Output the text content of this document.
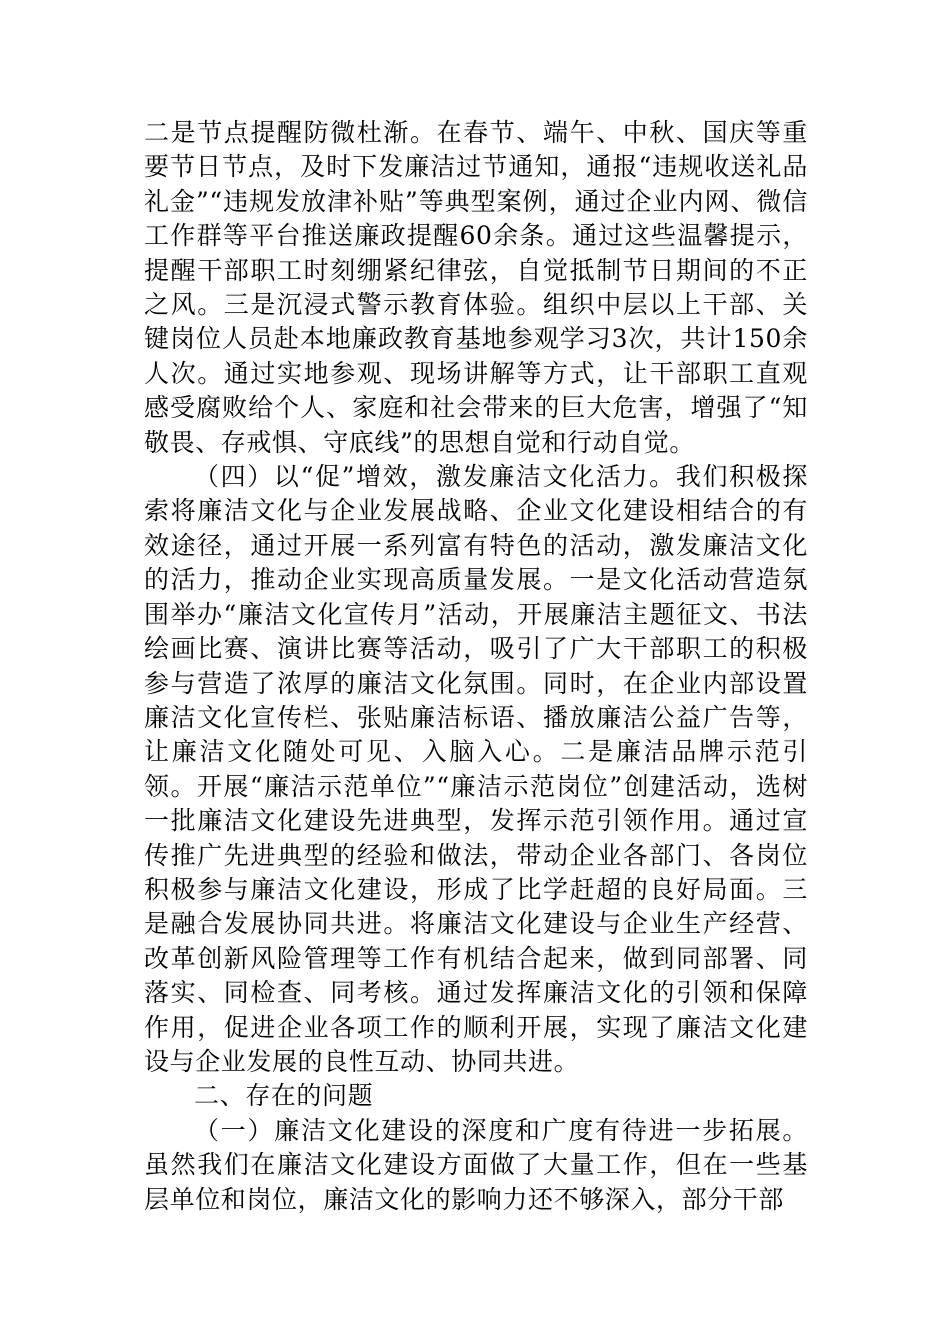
二是节点提醒防微杜渐。在春节、端午、中秋、国庆等重要节日节点，及时下发廉洁过节通知，通报“违规收送礼品礼金”“违规发放津补贴”等典型案例，通过企业内网、微信工作群等平台推送廉政提醒60余条。通过这些温馨提示，提醒干部职工时刻绷紧纪律弦，自觉抵制节日期间的不正之风。三是沉浸式警示教育体验。组织中层以上干部、关键岗位人员赴本地廉政教育基地参观学习3次，共计150余人次。通过实地参观、现场讲解等方式，让干部职工直观感受腐败给个人、家庭和社会带来的巨大危害，增强了“知敬畏、存戒惧、守底线”的思想自觉和行动自觉。

（四）以“促”增效，激发廉洁文化活力。我们积极探索将廉洁文化与企业发展战略、企业文化建设相结合的有效途径，通过开展一系列富有特色的活动，激发廉洁文化的活力，推动企业实现高质量发展。一是文化活动营造氛围举办“廉洁文化宣传月”活动，开展廉洁主题征文、书法绘画比赛、演讲比赛等活动，吸引了广大干部职工的积极参与营造了浓厚的廉洁文化氛围。同时，在企业内部设置廉洁文化宣传栏、张贴廉洁标语、播放廉洁公益广告等，让廉洁文化随处可见、入脑入心。二是廉洁品牌示范引领。开展“廉洁示范单位”“廉洁示范岗位”创建活动，选树一批廉洁文化建设先进典型，发挥示范引领作用。通过宣传推广先进典型的经验和做法，带动企业各部门、各岗位积极参与廉洁文化建设，形成了比学赶超的良好局面。三是融合发展协同共进。将廉洁文化建设与企业生产经营、改革创新风险管理等工作有机结合起来，做到同部署、同落实、同检查、同考核。通过发挥廉洁文化的引领和保障作用，促进企业各项工作的顺利开展，实现了廉洁文化建设与企业发展的良性互动、协同共进。

二、存在的问题

（一）廉洁文化建设的深度和广度有待进一步拓展。虽然我们在廉洁文化建设方面做了大量工作，但在一些基层单位和岗位，廉洁文化的影响力还不够深入，部分干部
